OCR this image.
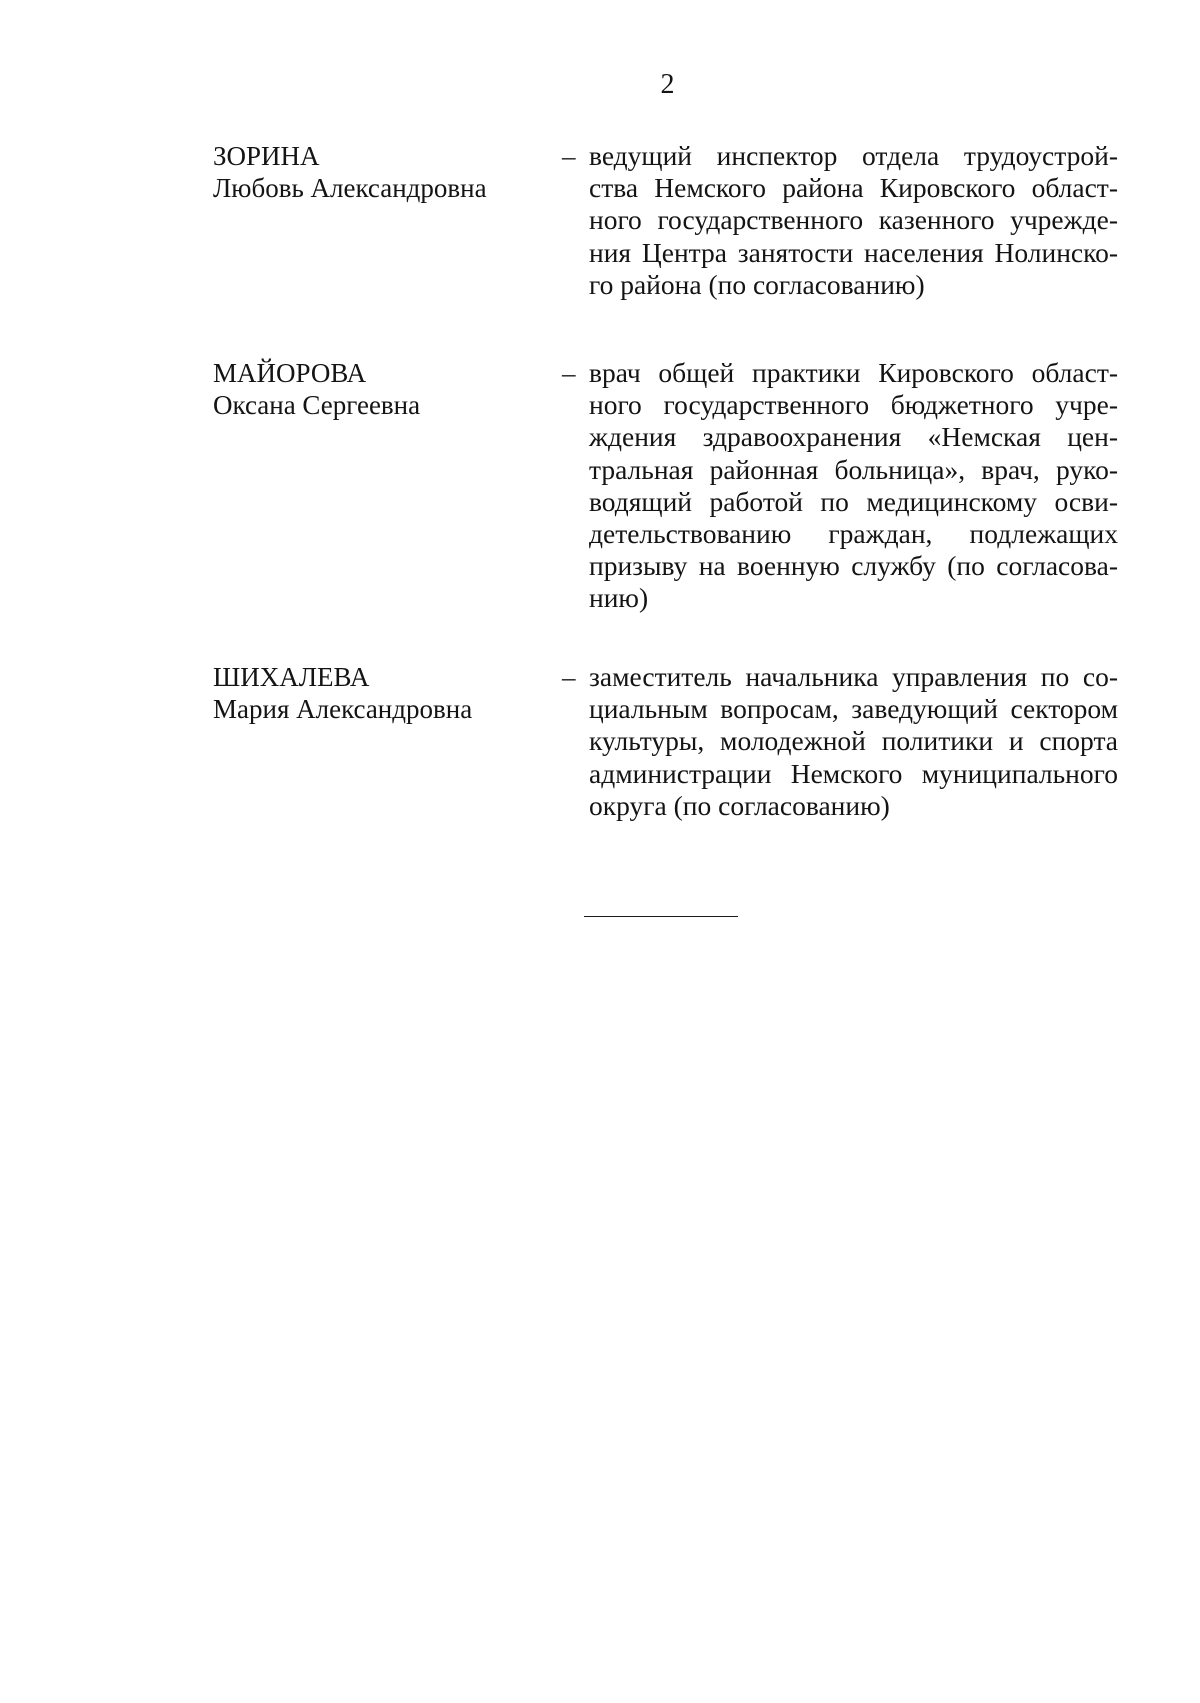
2
ЗОРИНА
Любовь Александровна
– ведущий инспектор отдела трудоустрой-
ства Немского района Кировского област-
ного государственного казенного учрежде-
ния Центра занятости населения Нолинско-
го района (по согласованию)
МАЙОРОВА
Оксана Сергеевна
– врач общей практики Кировского област-
ного государственного бюджетного учре-
ждения здравоохранения «Немская цен-
тральная районная больница», врач, руко-
водящий работой по медицинскому осви-
детельствованию граждан, подлежащих
призыву на военную службу (по согласова-
нию)
ШИХАЛЕВА
Мария Александровна
– заместитель начальника управления по со-
циальным вопросам, заведующий сектором
культуры, молодежной политики и спорта
администрации Немского муниципального
округа (по согласованию)
